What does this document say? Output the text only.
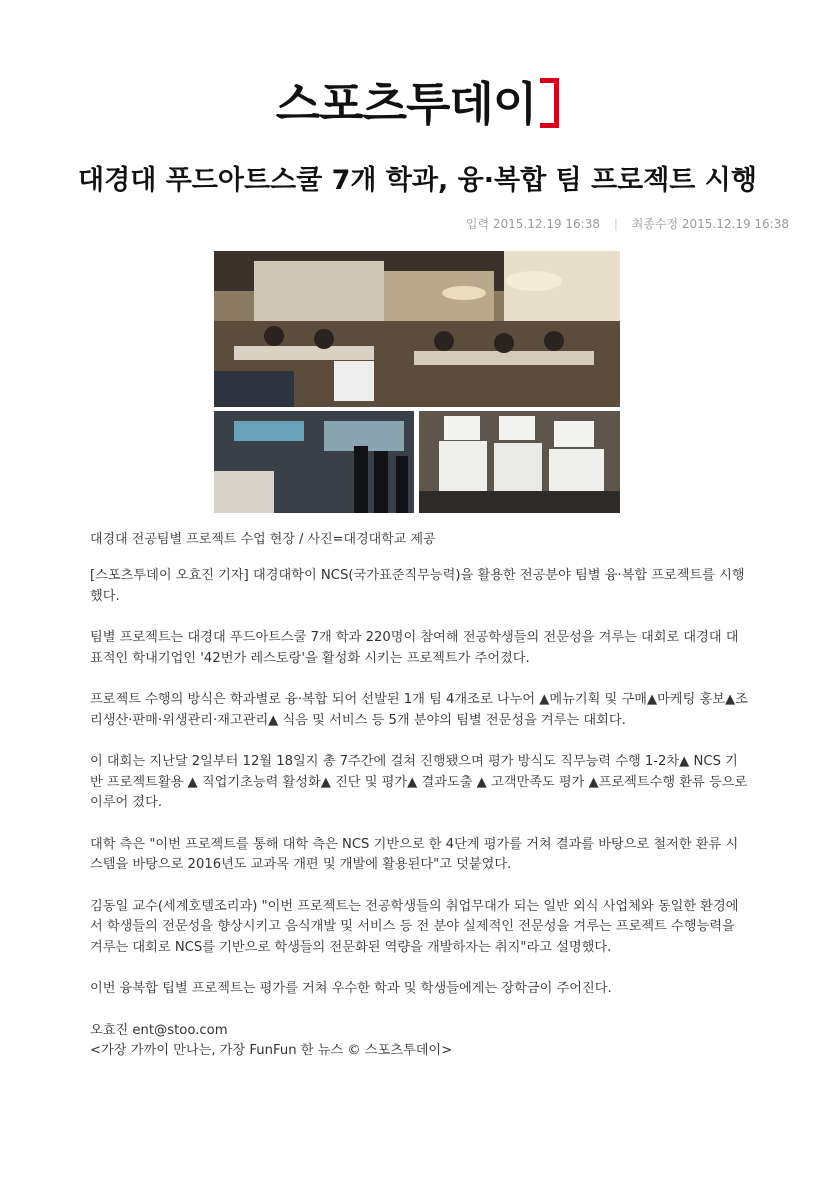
스포츠투데이
대경대 푸드아트스쿨 7개 학과, 융·복합 팀 프로젝트 시행
입력 2015.12.19 16:38 | 최종수정 2015.12.19 16:38
대경대 전공팀별 프로젝트 수업 현장 / 사진=대경대학교 제공

[스포츠투데이 오효진 기자] 대경대학이 NCS(국가표준직무능력)을 활용한 전공분야 팀별 융·복합 프로젝트를 시행했다.

팀별 프로젝트는 대경대 푸드아트스쿨 7개 학과 220명이 참여해 전공학생들의 전문성을 겨루는 대회로 대경대 대표적인 학내기업인 '42번가 레스토랑'을 활성화 시키는 프로젝트가 주어졌다.

프로젝트 수행의 방식은 학과별로 융·복합 되어 선발된 1개 팀 4개조로 나누어 ▲메뉴기획 및 구매▲마케팅 홍보▲조리생산·판매·위생관리·재고관리▲ 식음 및 서비스 등 5개 분야의 팀별 전문성을 겨루는 대회다.

이 대회는 지난달 2일부터 12월 18일지 총 7주간에 걸쳐 진행됐으며 평가 방식도 직무능력 수행 1-2차▲ NCS 기반 프로젝트활용 ▲ 직업기초능력 활성화▲ 진단 및 평가▲ 결과도출 ▲ 고객만족도 평가 ▲프로젝트수행 환류 등으로 이루어 졌다.

대학 측은 "이번 프로젝트를 통해 대학 측은 NCS 기반으로 한 4단계 평가를 거쳐 결과를 바탕으로 철저한 환류 시스템을 바탕으로 2016년도 교과목 개편 및 개발에 활용된다"고 덧붙였다.

김동일 교수(세계호텔조리과) "이번 프로젝트는 전공학생들의 취업무대가 되는 일반 외식 사업체와 동일한 환경에서 학생들의 전문성을 향상시키고 음식개발 및 서비스 등 전 분야 실제적인 전문성을 겨루는 프로젝트 수행능력을 겨루는 대회로 NCS를 기반으로 학생들의 전문화된 역량을 개발하자는 취지"라고 설명했다.

이번 융복합 팁별 프로젝트는 평가를 거쳐 우수한 학과 및 학생들에게는 장학금이 주어진다.

오효진 ent@stoo.com
<가장 가까이 만나는, 가장 FunFun 한 뉴스 © 스포츠투데이>
